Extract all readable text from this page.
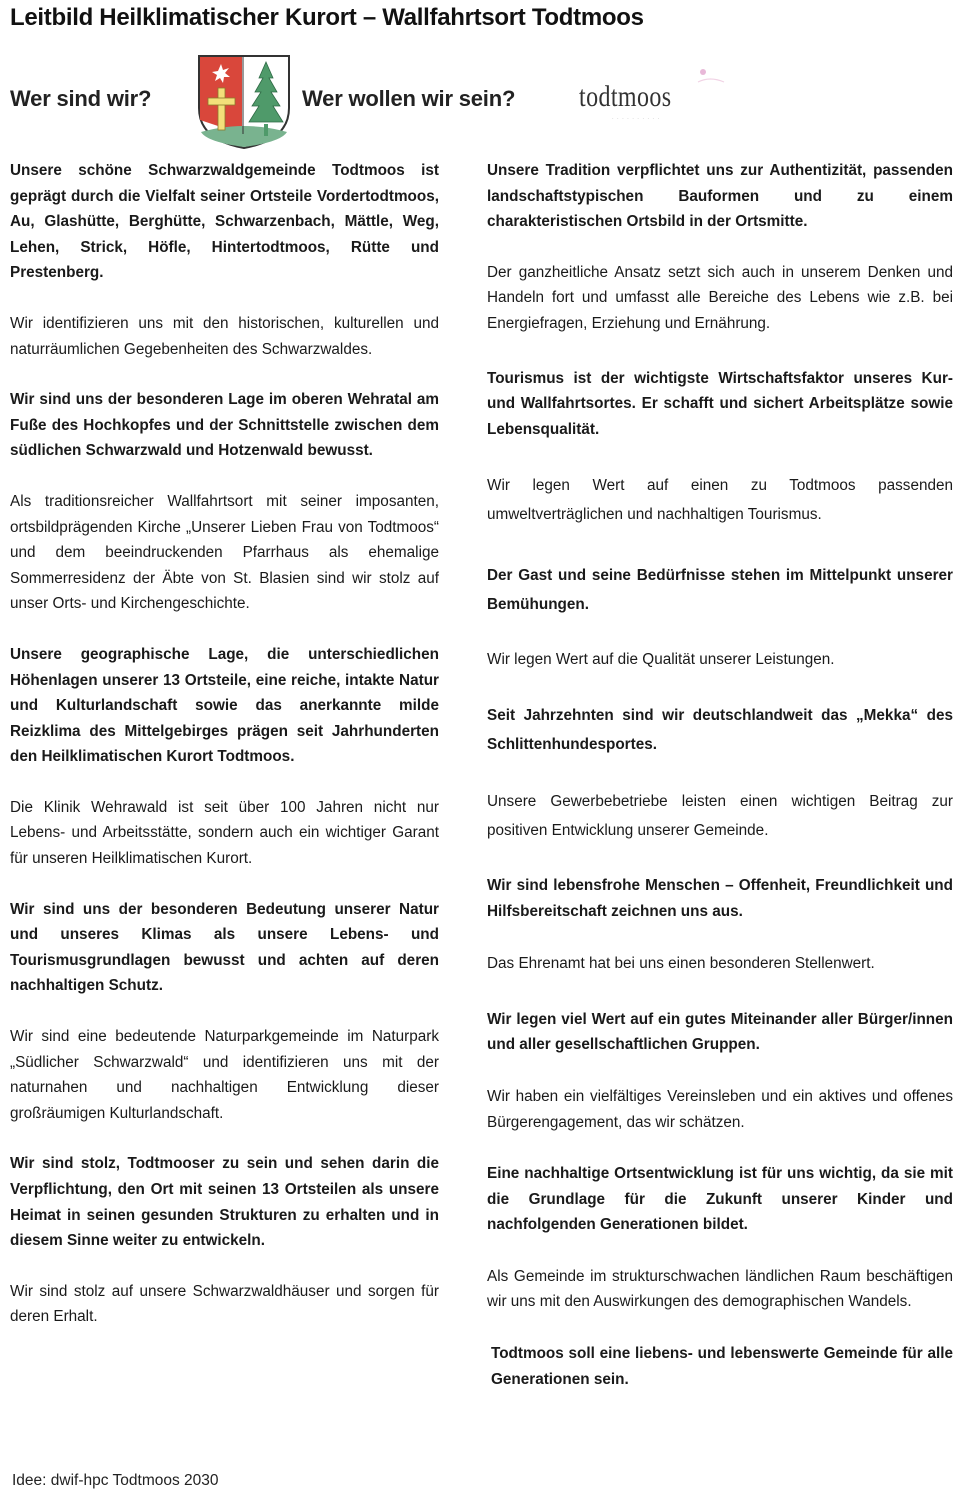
Leitbild Heilklimatischer Kurort – Wallfahrtsort Todtmoos
Wer sind wir?	Wer wollen wir sein? todtmoos
· · · · · · · · · ·

Unsere schöne Schwarzwaldgemeinde Todtmoos ist geprägt durch die Vielfalt seiner Ortsteile Vordertodtmoos, Au, Glashütte, Berghütte, Schwarzenbach, Mättle, Weg, Lehen, Strick, Höfle, Hintertodtmoos, Rütte und Prestenberg.

Wir identifizieren uns mit den historischen, kulturellen und naturräumlichen Gegebenheiten des Schwarzwaldes.

Wir sind uns der besonderen Lage im oberen Wehratal am Fuße des Hochkopfes und der Schnittstelle zwischen dem südlichen Schwarzwald und Hotzenwald bewusst.

Als traditionsreicher Wallfahrtsort mit seiner imposanten, ortsbildprägenden Kirche „Unserer Lieben Frau von Todtmoos“ und dem beeindruckenden Pfarrhaus als ehemalige Sommerresidenz der Äbte von St. Blasien sind wir stolz auf unser Orts- und Kirchengeschichte.

Unsere geographische Lage, die unterschiedlichen Höhenlagen unserer 13 Ortsteile, eine reiche, intakte Natur und Kulturlandschaft sowie das anerkannte milde Reizklima des Mittelgebirges prägen seit Jahrhunderten den Heilklimatischen Kurort Todtmoos.

Die Klinik Wehrawald ist seit über 100 Jahren nicht nur Lebens- und Arbeitsstätte, sondern auch ein wichtiger Garant für unseren Heilklimatischen Kurort.

Wir sind uns der besonderen Bedeutung unserer Natur und unseres Klimas als unsere Lebens- und Tourismusgrundlagen bewusst und achten auf deren nachhaltigen Schutz.

Wir sind eine bedeutende Naturparkgemeinde im Naturpark „Südlicher Schwarzwald“ und identifizieren uns mit der naturnahen und nachhaltigen Entwicklung dieser großräumigen Kulturlandschaft.

Wir sind stolz, Todtmooser zu sein und sehen darin die Verpflichtung, den Ort mit seinen 13 Ortsteilen als unsere Heimat in seinen gesunden Strukturen zu erhalten und in diesem Sinne weiter zu entwickeln.

Wir sind stolz auf unsere Schwarzwaldhäuser und sorgen für deren Erhalt.

Unsere Tradition verpflichtet uns zur Authentizität, passenden landschaftstypischen Bauformen und zu einem charakteristischen Ortsbild in der Ortsmitte.

Der ganzheitliche Ansatz setzt sich auch in unserem Denken und Handeln fort und umfasst alle Bereiche des Lebens wie z.B. bei Energiefragen, Erziehung und Ernährung.

Tourismus ist der wichtigste Wirtschaftsfaktor unseres Kur- und Wallfahrtsortes. Er schafft und sichert Arbeitsplätze sowie Lebensqualität.

Wir legen Wert auf einen zu Todtmoos passenden umweltverträglichen und nachhaltigen Tourismus.

Der Gast und seine Bedürfnisse stehen im Mittelpunkt unserer Bemühungen.

Wir legen Wert auf die Qualität unserer Leistungen.

Seit Jahrzehnten sind wir deutschlandweit das „Mekka“ des Schlittenhundesportes.

Unsere Gewerbebetriebe leisten einen wichtigen Beitrag zur positiven Entwicklung unserer Gemeinde.

Wir sind lebensfrohe Menschen – Offenheit, Freundlichkeit und Hilfsbereitschaft zeichnen uns aus.

Das Ehrenamt hat bei uns einen besonderen Stellenwert.

Wir legen viel Wert auf ein gutes Miteinander aller Bürger/innen und aller gesellschaftlichen Gruppen.

Wir haben ein vielfältiges Vereinsleben und ein aktives und offenes Bürgerengagement, das wir schätzen.

Eine nachhaltige Ortsentwicklung ist für uns wichtig, da sie mit die Grundlage für die Zukunft unserer Kinder und nachfolgenden Generationen bildet.

Als Gemeinde im strukturschwachen ländlichen Raum beschäftigen wir uns mit den Auswirkungen des demographischen Wandels.

Todtmoos soll eine liebens- und lebenswerte Gemeinde für alle Generationen sein.

Idee: dwif-hpc Todtmoos 2030
